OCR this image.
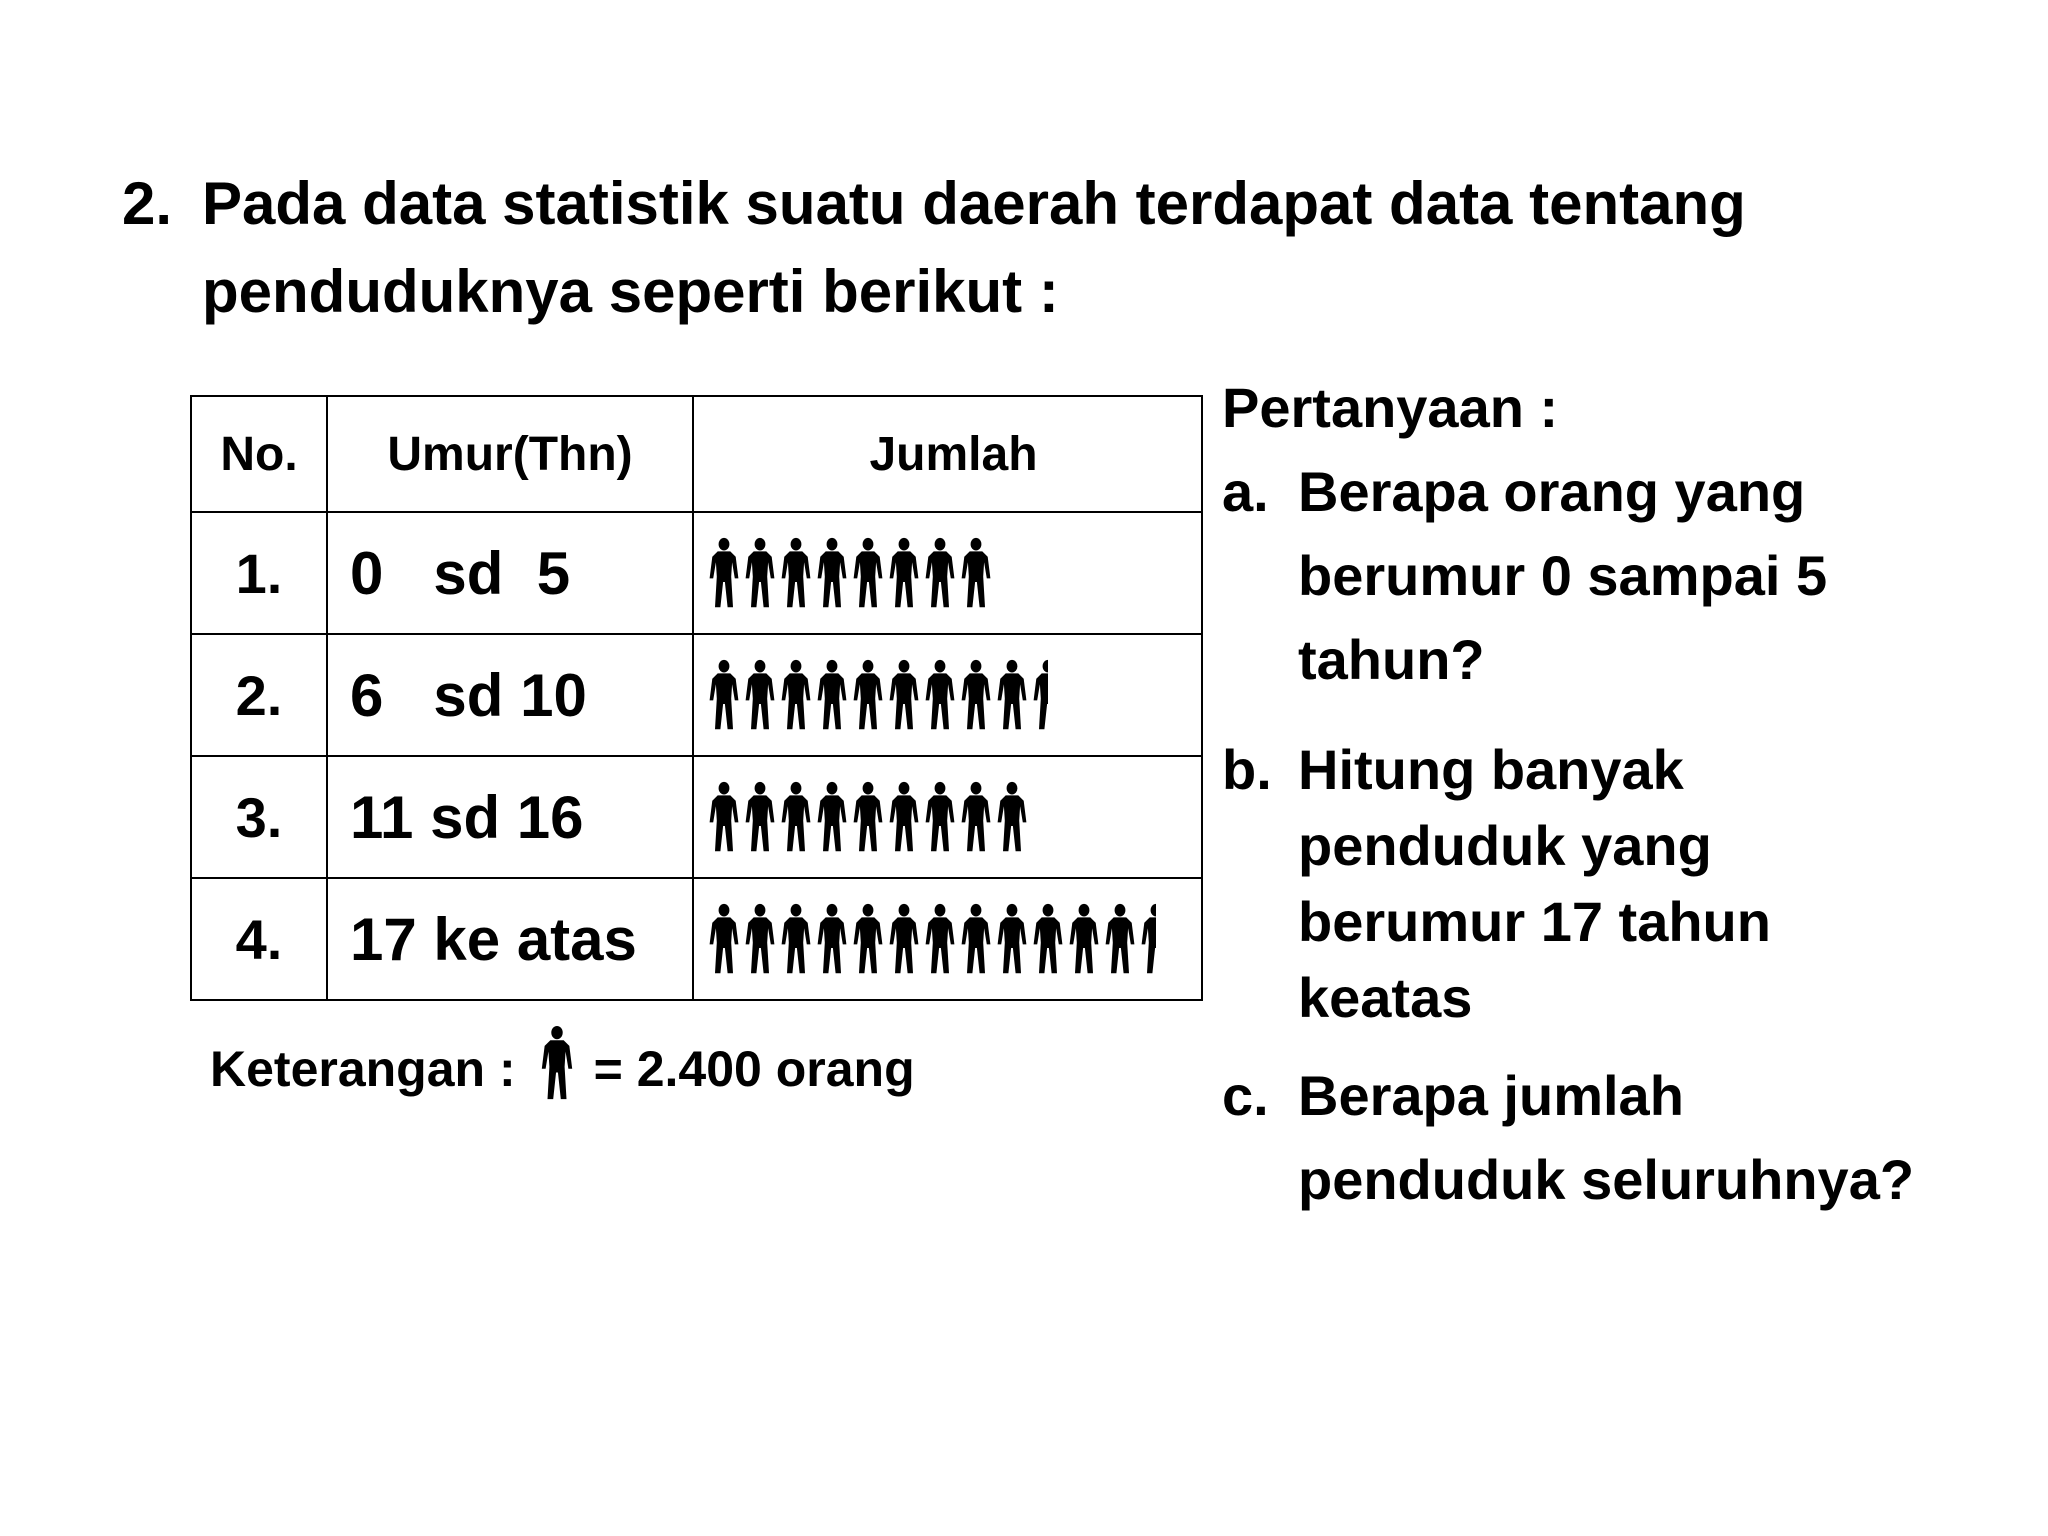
2. Pada data statistik suatu daerah terdapat data tentang
penduduknya seperti berikut :
No.	Umur(Thn)	Jumlah
1.	0   sd  5	

2.	6   sd 10	

3.	11 sd 16	

4.	17 ke atas	
Keterangan : = 2.400 orang
Pertanyaan :
a. Berapa orang yang
berumur 0 sampai 5
tahun?
b. Hitung banyak
penduduk yang
berumur 17 tahun
keatas
c. Berapa jumlah
penduduk seluruhnya?
